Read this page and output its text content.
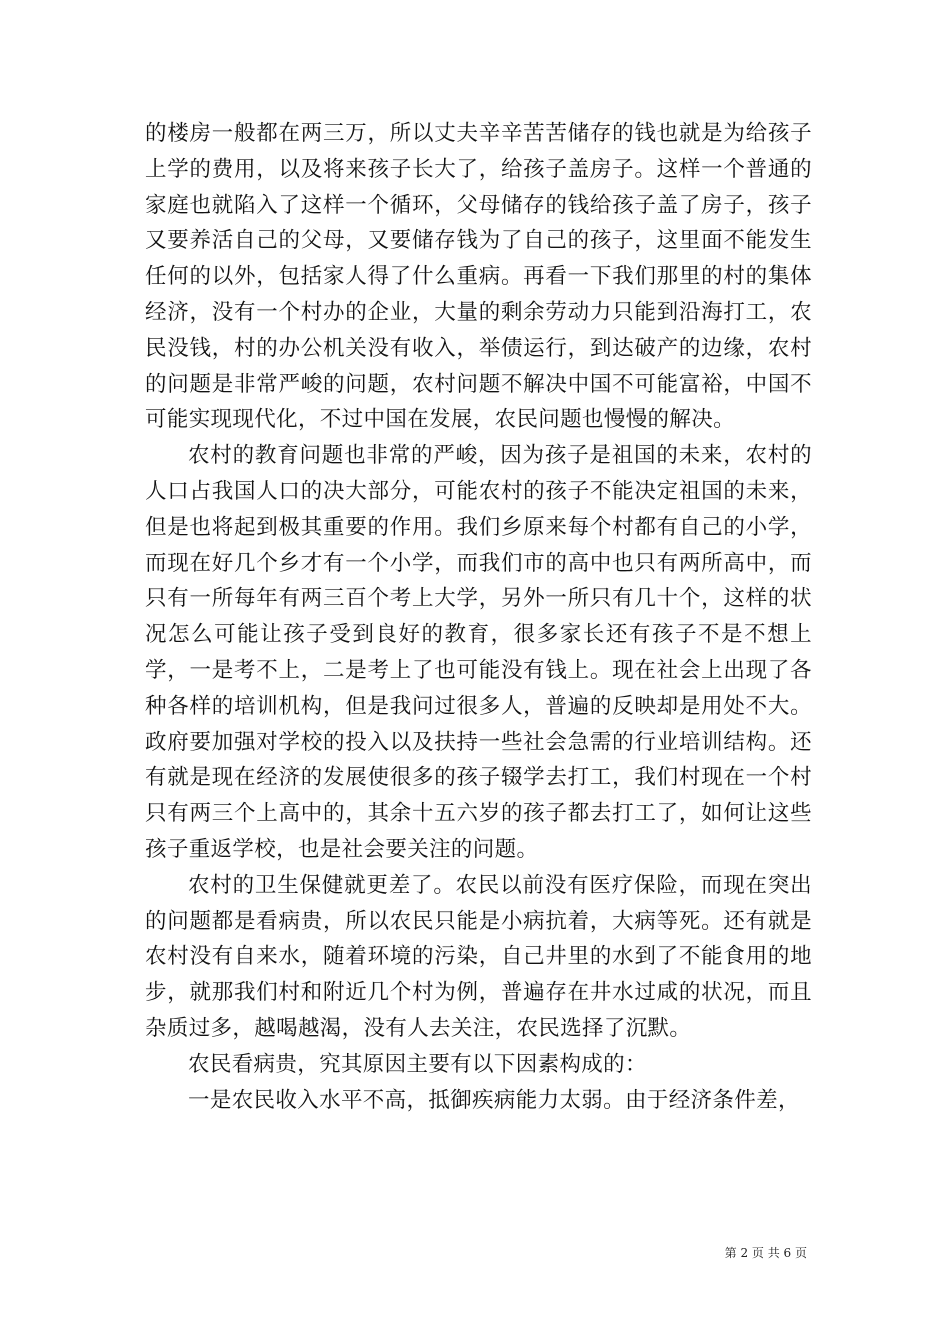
的楼房一般都在两三万，所以丈夫辛辛苦苦储存的钱也就是为给孩子上学的费用，以及将来孩子长大了，给孩子盖房子。这样一个普通的家庭也就陷入了这样一个循环，父母储存的钱给孩子盖了房子，孩子又要养活自己的父母，又要储存钱为了自己的孩子，这里面不能发生任何的以外，包括家人得了什么重病。再看一下我们那里的村的集体经济，没有一个村办的企业，大量的剩余劳动力只能到沿海打工，农民没钱，村的办公机关没有收入，举债运行，到达破产的边缘，农村的问题是非常严峻的问题，农村问题不解决中国不可能富裕，中国不可能实现现代化，不过中国在发展，农民问题也慢慢的解决。

农村的教育问题也非常的严峻，因为孩子是祖国的未来，农村的人口占我国人口的决大部分，可能农村的孩子不能决定祖国的未来，但是也将起到极其重要的作用。我们乡原来每个村都有自己的小学，而现在好几个乡才有一个小学，而我们市的高中也只有两所高中，而只有一所每年有两三百个考上大学，另外一所只有几十个，这样的状况怎么可能让孩子受到良好的教育，很多家长还有孩子不是不想上学，一是考不上，二是考上了也可能没有钱上。现在社会上出现了各种各样的培训机构，但是我问过很多人，普遍的反映却是用处不大。政府要加强对学校的投入以及扶持一些社会急需的行业培训结构。还有就是现在经济的发展使很多的孩子辍学去打工，我们村现在一个村只有两三个上高中的，其余十五六岁的孩子都去打工了，如何让这些孩子重返学校，也是社会要关注的问题。

农村的卫生保健就更差了。农民以前没有医疗保险，而现在突出的问题都是看病贵，所以农民只能是小病抗着，大病等死。还有就是农村没有自来水，随着环境的污染，自己井里的水到了不能食用的地步，就那我们村和附近几个村为例，普遍存在井水过咸的状况，而且杂质过多，越喝越渴，没有人去关注，农民选择了沉默。

农民看病贵，究其原因主要有以下因素构成的：

一是农民收入水平不高，抵御疾病能力太弱。由于经济条件差，

第 2 页 共 6 页
